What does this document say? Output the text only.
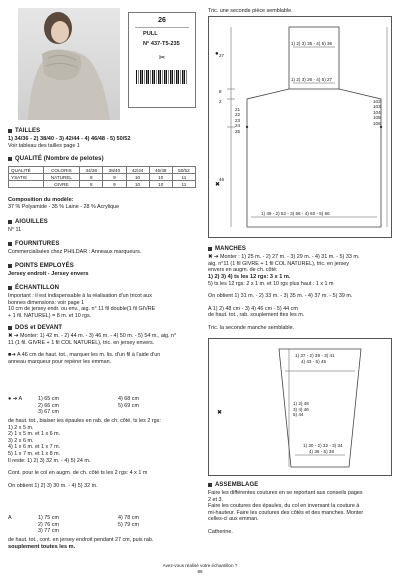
26
PULL
N° 437-T5-235
✂
TAILLES
1) 34/36 - 2) 38/40 - 3) 42/44 - 4) 46/48 - 5) 50/52
Voir tableau des tailles page 1
QUALITÉ (Nombre de pelotes)
QUALITÉ	COLORIS	34/36	38/40	42/44	46/48	50/52
YSATIS	NATUREL	8	9	10	10	11
	GIVRE	8	9	10	10	11
Composition du modèle:
37 % Polyamide - 35 % Laine - 28 % Acrylique
AIGUILLES
N° 11
FOURNITURES
Commercialisées chez PHILDAR : Anneaux marqueurs.
POINTS EMPLOYÉS
Jersey endroit - Jersey envers
ÉCHANTILLON
Important : il est indispensable à la réalisation d'un tricot aux
bonnes dimensions: voir page 1
10 cm de jersey endr. ou env., aig. n° 11 fil double(1 fil GIVRE
+ 1 fil. NATUREL) = 8 m. et 10 rgs.
DOS et DEVANT
✖ ➔ Monter: 1) 42 m. - 2) 44 m. - 3) 46 m. - 4) 50 m. - 5) 54 m., aig. n°
11 (1 fil. GIVRE + 1 fil COL NATUREL), tric. en jersey envers.
■➔ A 46 cm de haut. tot., marquer les m. lis. d'un fil à l'aide d'un
anneau marqueur pour repérer les emman.
● ➔ A	1) 65 cm
2) 66 cm
3) 67 cm
4) 68 cm
5) 69 cm
de haut. tot., biaiser les épaules en rab. de ch. côté, ts les 2 rgs:
1) 2 x 5 m.
2) 1 x 5 m. et 1 x 6 m.
3) 2 x 6 m.
4) 1 x 6 m. et 1 x 7 m.
5) 1 x 7 m. et 1 x 8 m.
Il reste: 1) 2) 3) 32 m. - 4) 5) 24 m.
Cont. pour le col en augm. de ch. côté ts les 2 rgs: 4 x 1 m
On obtient 1) 2) 3) 30 m. - 4) 5) 32 m.
A	1) 75 cm
2) 76 cm
3) 77 cm
4) 78 cm
5) 79 cm
de haut. tot., cont. en jersey endroit pendant 27 cm, puis rab.
souplement toutes les m.
Tric. une seconde pièce semblable.
1) 2) 3) 35 - 4) 5) 36
1) 2) 3) 26 - 4) 5) 27
1) 49 - 2) 52 - 3) 56 - 4) 60 - 5) 66
27
8
2
21
22
23
24
25
46
102
103
104
105
106
●
✖
MANCHES
✖ ➔ Monter : 1) 25 m. - 2) 27 m. - 3) 29 m. - 4) 31 m. - 5) 33 m.
aig. n°11 (1 fil GIVRE + 1 fil COL NATUREL), tric. en jersey
envers en augm. de ch. côté:
1) 2) 3) 4) ts les 12 rgs: 3 x 1 m.
5) ts les 12 rgs: 2 x 1 m. et 10 rgs plus haut : 1 x 1 m
On obtient 1) 31 m. - 2) 33 m. - 3) 35 m. - 4) 37 m. - 5) 39 m.
A 1) 2) 48 cm - 3) 4) 46 cm - 5) 44 cm
de haut. tot., rab. souplement ttes les m.
Tric. la seconde manche semblable.
1) 37 - 2) 39 - 3) 41
4) 43 - 5) 45
1) 2) 48
3) 4) 46
5) 44
1) 30 - 2) 32 - 3) 34
4) 36 - 5) 38
✖
ASSEMBLAGE
Faire les différentes coutures en se reportant aux conseils pages
2 et 3.
Faire les coutures des épaules, du col en inversant la couture à
mi-hauteur. Faire les coutures des côtés et des manches. Monter
celles-ci aux emman.
Catherine.
Avez-vous réalisé votre échantillon ?
86
